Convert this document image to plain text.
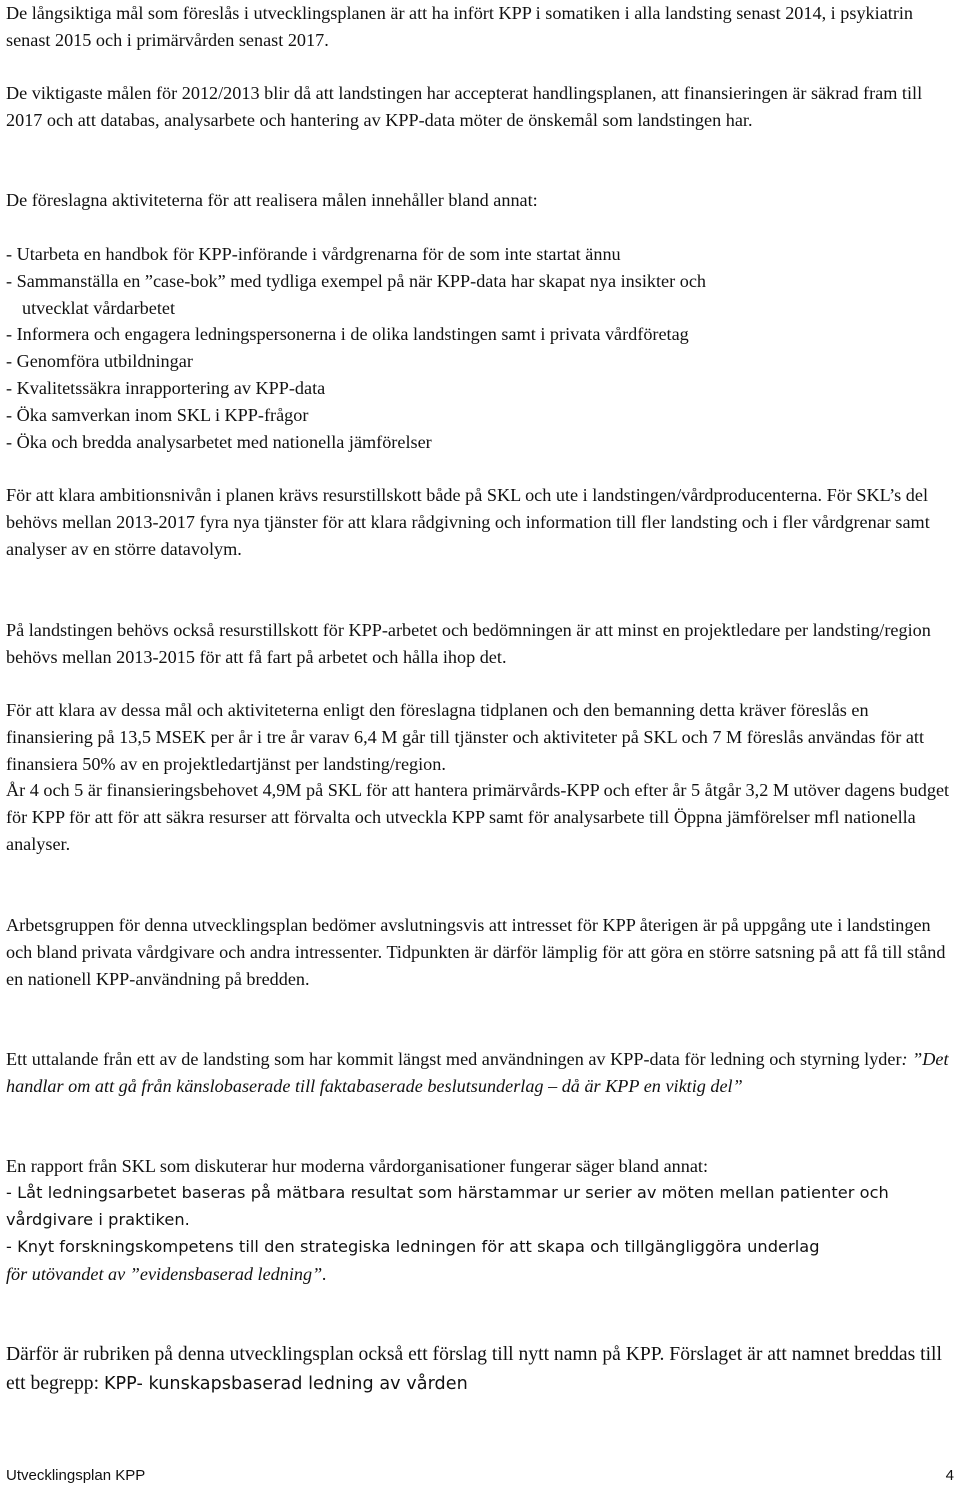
De långsiktiga mål som föreslås i utvecklingsplanen är att ha infört KPP i somatiken i alla landsting senast 2014, i psykiatrin senast 2015 och i primärvården senast 2017.

De viktigaste målen för 2012/2013 blir då att landstingen har accepterat handlingsplanen, att finansieringen är säkrad fram till 2017 och att databas, analysarbete och hantering av KPP-data möter de önskemål som landstingen har.

De föreslagna aktiviteterna för att realisera målen innehåller bland annat:

- Utarbeta en handbok för KPP-införande i vårdgrenarna för de som inte startat ännu
- Sammanställa en ”case-bok” med tydliga exempel på när KPP-data har skapat nya insikter och
utvecklat vårdarbetet
- Informera och engagera ledningspersonerna i de olika landstingen samt i privata vårdföretag
- Genomföra utbildningar
- Kvalitetssäkra inrapportering av KPP-data
- Öka samverkan inom SKL i KPP-frågor
- Öka och bredda analysarbetet med nationella jämförelser

För att klara ambitionsnivån i planen krävs resurstillskott både på SKL och ute i landstingen/vårdproducenterna. För SKL’s del behövs mellan 2013-2017 fyra nya tjänster för att klara rådgivning och information till fler landsting och i fler vårdgrenar samt analyser av en större datavolym.

På landstingen behövs också resurstillskott för KPP-arbetet och bedömningen är att minst en projektledare per landsting/region behövs mellan 2013-2015 för att få fart på arbetet och hålla ihop det.

För att klara av dessa mål och aktiviteterna enligt den föreslagna tidplanen och den bemanning detta kräver föreslås en finansiering på 13,5 MSEK per år i tre år varav 6,4 M går till tjänster och aktiviteter på SKL och 7 M föreslås användas för att finansiera 50% av en projektledartjänst per landsting/region.

År 4 och 5 är finansieringsbehovet 4,9M på SKL för att hantera primärvårds-KPP och efter år 5 åtgår 3,2 M utöver dagens budget för KPP för att för att säkra resurser att förvalta och utveckla KPP samt för analysarbete till Öppna jämförelser mfl nationella analyser.

Arbetsgruppen för denna utvecklingsplan bedömer avslutningsvis att intresset för KPP återigen är på uppgång ute i landstingen och bland privata vårdgivare och andra intressenter. Tidpunkten är därför lämplig för att göra en större satsning på att få till stånd en nationell KPP-användning på bredden.

Ett uttalande från ett av de landsting som har kommit längst med användningen av KPP-data för ledning och styrning lyder: ”Det handlar om att gå från känslobaserade till faktabaserade beslutsunderlag – då är KPP en viktig del”

En rapport från SKL som diskuterar hur moderna vårdorganisationer fungerar säger bland annat:

- Låt ledningsarbetet baseras på mätbara resultat som härstammar ur serier av möten mellan patienter och vårdgivare i praktiken.

- Knyt forskningskompetens till den strategiska ledningen för att skapa och tillgängliggöra underlag
för utövandet av ”evidensbaserad ledning”.

Därför är rubriken på denna utvecklingsplan också ett förslag till nytt namn på KPP. Förslaget är att namnet breddas till ett begrepp: KPP- kunskapsbaserad ledning av vården

Utvecklingsplan KPP	4
